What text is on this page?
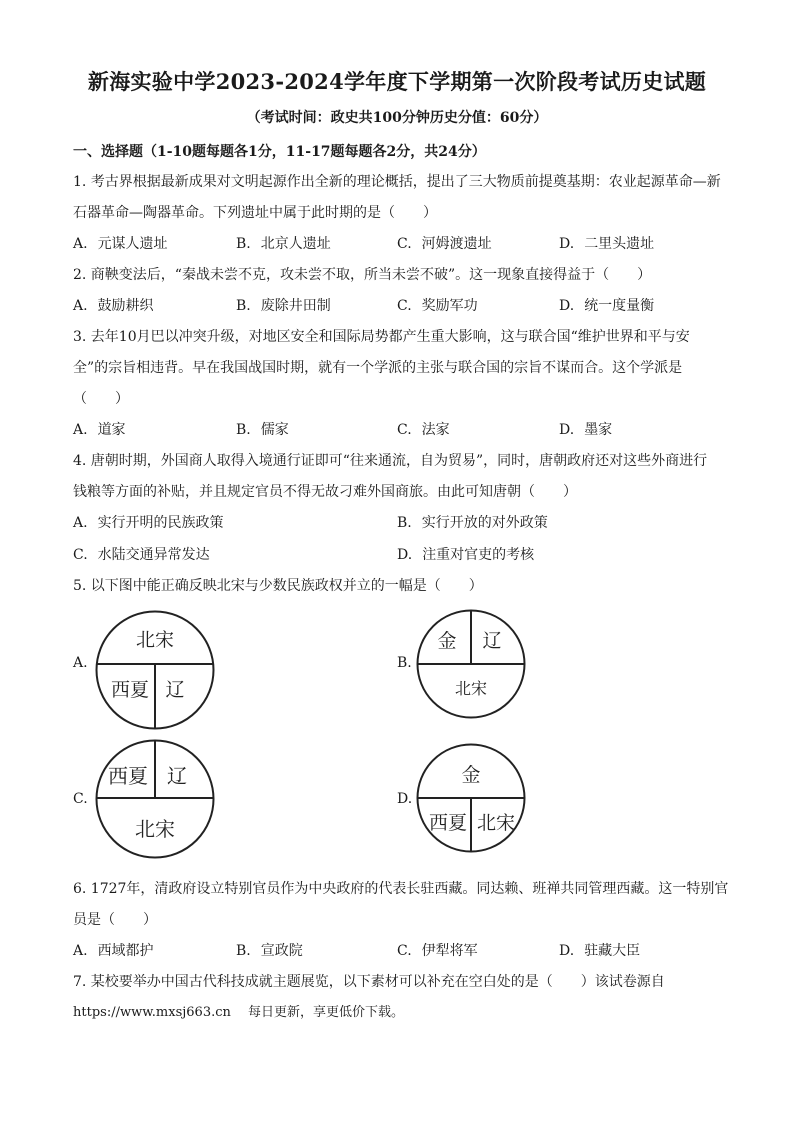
新海实验中学2023-2024学年度下学期第一次阶段考试历史试题
（考试时间：政史共100分钟历史分值：60分）
一、选择题（1-10题每题各1分，11-17题每题各2分，共24分）
1. 考古界根据最新成果对文明起源作出全新的理论概括，提出了三大物质前提奠基期：农业起源革命—新
石器革命—陶器革命。下列遗址中属于此时期的是（　　）
A. 元谋人遗址	B. 北京人遗址	C. 河姆渡遗址	D. 二里头遗址
2. 商鞅变法后，“秦战未尝不克，攻未尝不取，所当未尝不破”。这一现象直接得益于（　　）
A. 鼓励耕织	B. 废除井田制	C. 奖励军功	D. 统一度量衡
3. 去年10月巴以冲突升级，对地区安全和国际局势都产生重大影响，这与联合国“维护世界和平与安
全”的宗旨相违背。早在我国战国时期，就有一个学派的主张与联合国的宗旨不谋而合。这个学派是
（　　）
A. 道家	B. 儒家	C. 法家	D. 墨家
4. 唐朝时期，外国商人取得入境通行证即可“往来通流，自为贸易”，同时，唐朝政府还对这些外商进行
钱粮等方面的补贴，并且规定官员不得无故刁难外国商旅。由此可知唐朝（　　）
A. 实行开明的民族政策	B. 实行开放的对外政策
C. 水陆交通异常发达	D. 注重对官吏的考核
5. 以下图中能正确反映北宋与少数民族政权并立的一幅是（　　）
A.
北宋
西夏 辽
B.
金 辽
北宋
C.
西夏 辽
北宋
D.
金
西夏 北宋
6. 1727年，清政府设立特别官员作为中央政府的代表长驻西藏。同达赖、班禅共同管理西藏。这一特别官
员是（　　）
A. 西域都护	B. 宣政院	C. 伊犁将军	D. 驻藏大臣
7. 某校要举办中国古代科技成就主题展览，以下素材可以补充在空白处的是（　　）该试卷源自
https://www.mxsj663.cn　 每日更新，享更低价下载。
